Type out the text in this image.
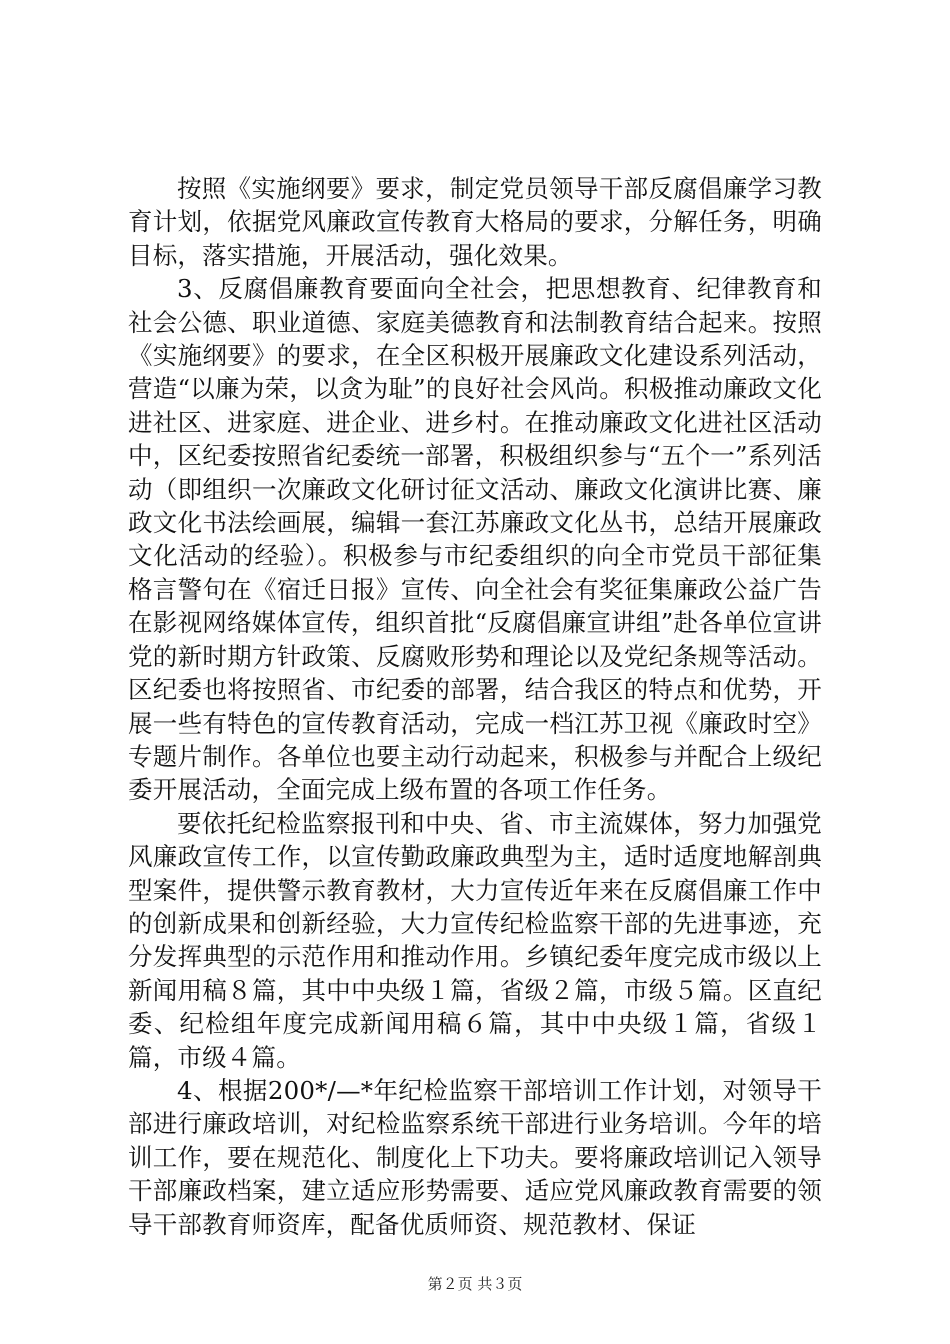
按照《实施纲要》要求，制定党员领导干部反腐倡廉学习教育计划，依据党风廉政宣传教育大格局的要求，分解任务，明确目标，落实措施，开展活动，强化效果。

3、反腐倡廉教育要面向全社会，把思想教育、纪律教育和社会公德、职业道德、家庭美德教育和法制教育结合起来。按照《实施纲要》的要求，在全区积极开展廉政文化建设系列活动，营造“以廉为荣，以贪为耻”的良好社会风尚。积极推动廉政文化进社区、进家庭、进企业、进乡村。在推动廉政文化进社区活动中，区纪委按照省纪委统一部署，积极组织参与“五个一”系列活动（即组织一次廉政文化研讨征文活动、廉政文化演讲比赛、廉政文化书法绘画展，编辑一套江苏廉政文化丛书，总结开展廉政文化活动的经验）。积极参与市纪委组织的向全市党员干部征集格言警句在《宿迁日报》宣传、向全社会有奖征集廉政公益广告在影视网络媒体宣传，组织首批“反腐倡廉宣讲组”赴各单位宣讲党的新时期方针政策、反腐败形势和理论以及党纪条规等活动。区纪委也将按照省、市纪委的部署，结合我区的特点和优势，开展一些有特色的宣传教育活动，完成一档江苏卫视《廉政时空》专题片制作。各单位也要主动行动起来，积极参与并配合上级纪委开展活动，全面完成上级布置的各项工作任务。

要依托纪检监察报刊和中央、省、市主流媒体，努力加强党风廉政宣传工作，以宣传勤政廉政典型为主，适时适度地解剖典型案件，提供警示教育教材，大力宣传近年来在反腐倡廉工作中的创新成果和创新经验，大力宣传纪检监察干部的先进事迹，充分发挥典型的示范作用和推动作用。乡镇纪委年度完成市级以上新闻用稿８篇，其中中央级１篇，省级２篇，市级５篇。区直纪委、纪检组年度完成新闻用稿６篇，其中中央级１篇，省级１篇，市级４篇。

4、根据200*/—*年纪检监察干部培训工作计划，对领导干部进行廉政培训，对纪检监察系统干部进行业务培训。今年的培训工作，要在规范化、制度化上下功夫。要将廉政培训记入领导干部廉政档案，建立适应形势需要、适应党风廉政教育需要的领导干部教育师资库，配备优质师资、规范教材、保证

第２页 共３页
